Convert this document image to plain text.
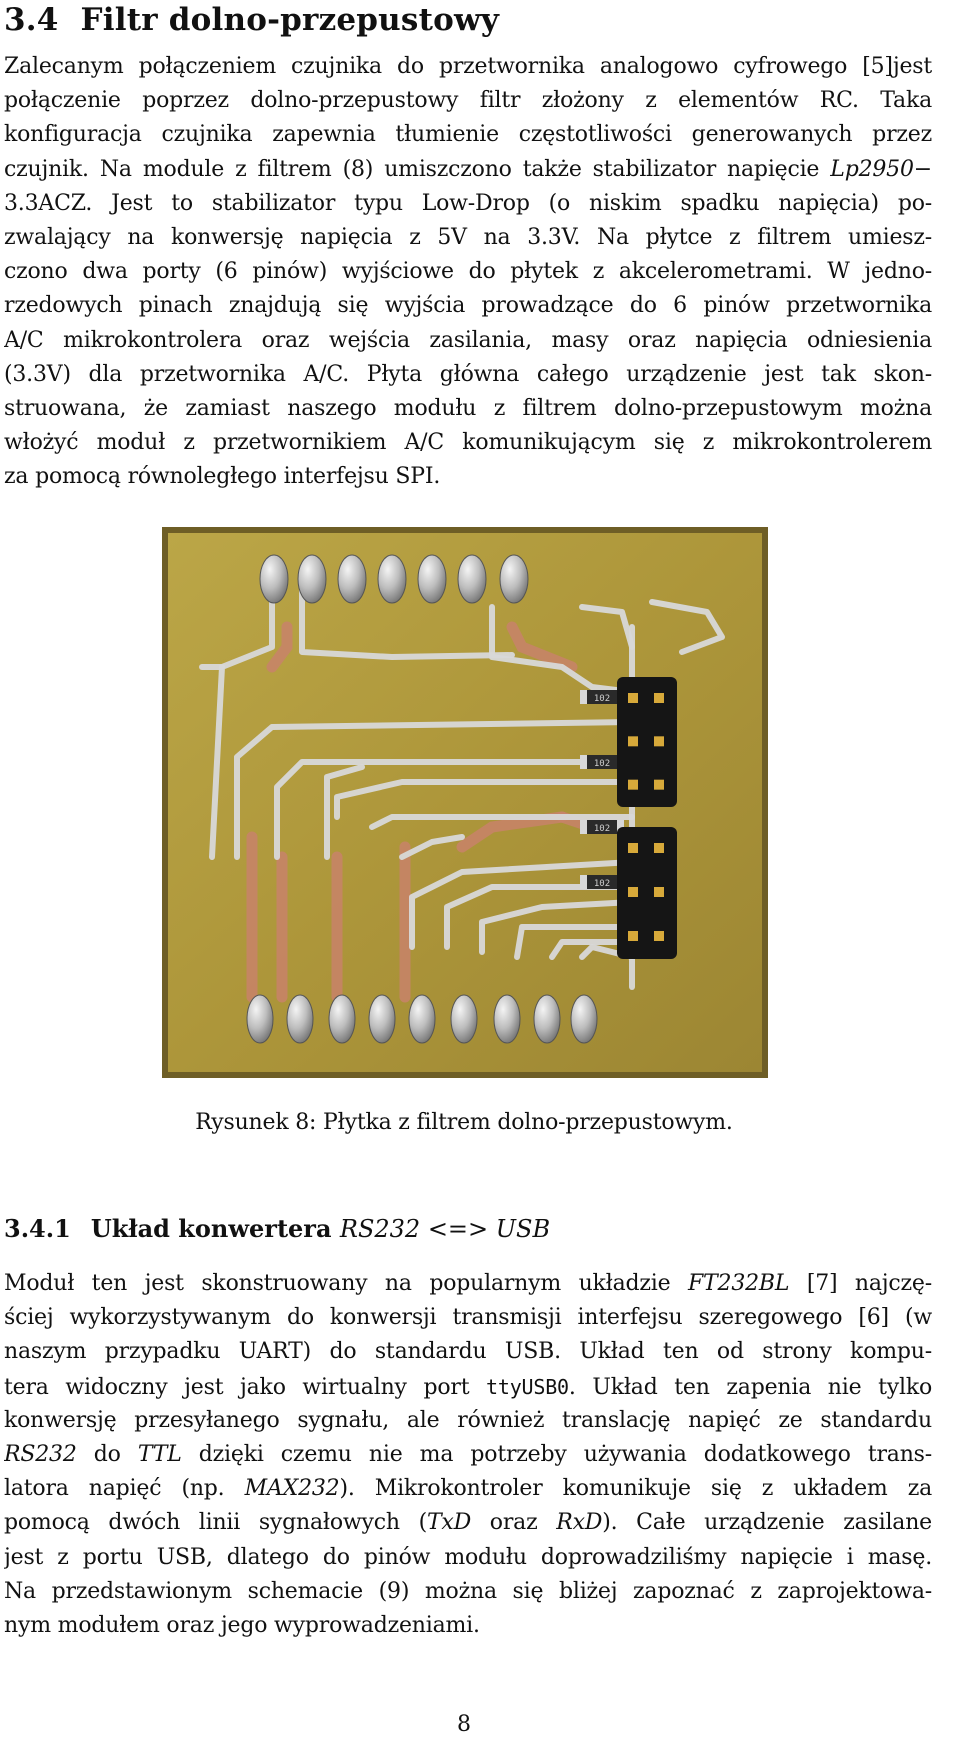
3.4 Filtr dolno-przepustowy
Zalecanym połączeniem czujnika do przetwornika analogowo cyfrowego [5]jest
połączenie poprzez dolno-przepustowy filtr złożony z elementów RC. Taka
konfiguracja czujnika zapewnia tłumienie częstotliwości generowanych przez
czujnik. Na module z filtrem (8) umiszczono także stabilizator napięcie Lp2950−
3.3ACZ. Jest to stabilizator typu Low-Drop (o niskim spadku napięcia) po-
zwalający na konwersję napięcia z 5V na 3.3V. Na płytce z filtrem umiesz-
czono dwa porty (6 pinów) wyjściowe do płytek z akcelerometrami. W jedno-
rzedowych pinach znajdują się wyjścia prowadzące do 6 pinów przetwornika
A/C mikrokontrolera oraz wejścia zasilania, masy oraz napięcia odniesienia
(3.3V) dla przetwornika A/C. Płyta główna całego urządzenie jest tak skon-
struowana, że zamiast naszego modułu z filtrem dolno-przepustowym można
włożyć moduł z przetwornikiem A/C komunikującym się z mikrokontrolerem
za pomocą równoległego interfejsu SPI.
102
102
102
102
Rysunek 8: Płytka z filtrem dolno-przepustowym.
3.4.1 Układ konwertera RS232 <=> USB
Moduł ten jest skonstruowany na popularnym układzie FT232BL [7] najczę-
ściej wykorzystywanym do konwersji transmisji interfejsu szeregowego [6] (w
naszym przypadku UART) do standardu USB. Układ ten od strony kompu-
tera widoczny jest jako wirtualny port ttyUSB0. Układ ten zapenia nie tylko
konwersję przesyłanego sygnału, ale również translację napięć ze standardu
RS232 do TTL dzięki czemu nie ma potrzeby używania dodatkowego trans-
latora napięć (np. MAX232). Mikrokontroler komunikuje się z układem za
pomocą dwóch linii sygnałowych (TxD oraz RxD). Całe urządzenie zasilane
jest z portu USB, dlatego do pinów modułu doprowadziliśmy napięcie i masę.
Na przedstawionym schemacie (9) można się bliżej zapoznać z zaprojektowa-
nym modułem oraz jego wyprowadzeniami.
8
